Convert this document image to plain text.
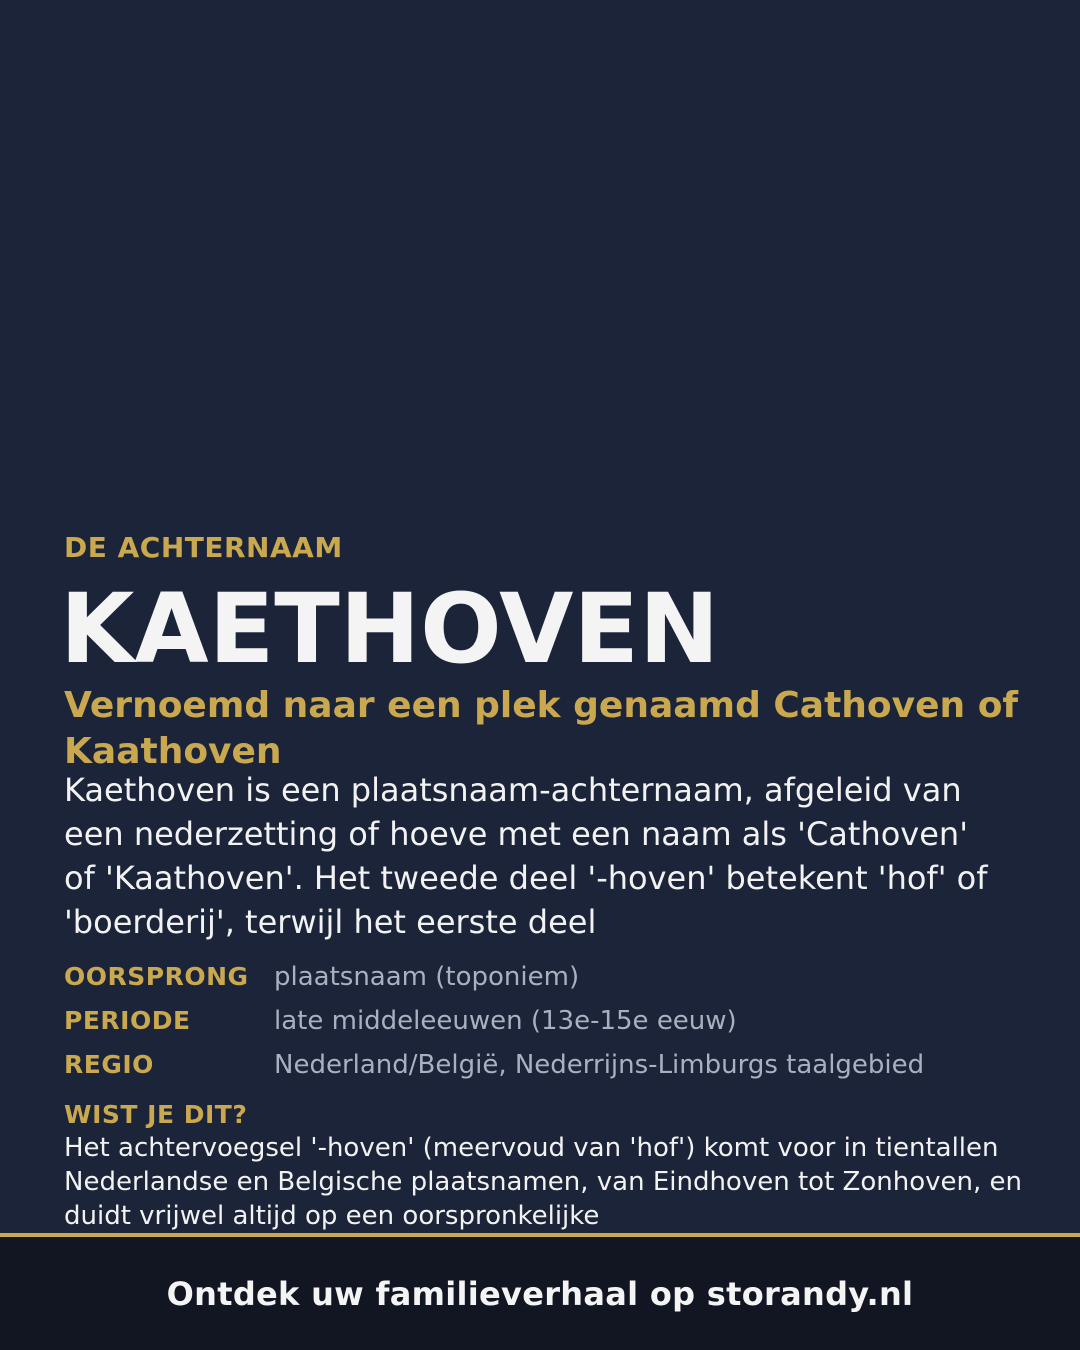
DE ACHTERNAAM

KAETHOVEN
Vernoemd naar een plek genaamd Cathoven of Kaathoven

Kaethoven is een plaatsnaam-achternaam, afgeleid van een nederzetting of hoeve met een naam als 'Cathoven' of 'Kaathoven'. Het tweede deel '-hoven' betekent 'hof' of 'boerderij', terwijl het eerste deel

OORSPRONG plaatsnaam (toponiem)
PERIODE	late middeleeuwen (13e-15e eeuw)
REGIO	Nederland/België, Nederrijns-Limburgs taalgebied

WIST JE DIT?

Het achtervoegsel '-hoven' (meervoud van 'hof') komt voor in tientallen Nederlandse en Belgische plaatsnamen, van Eindhoven tot Zonhoven, en duidt vrijwel altijd op een oorspronkelijke

Ontdek uw familieverhaal op storandy.nl
